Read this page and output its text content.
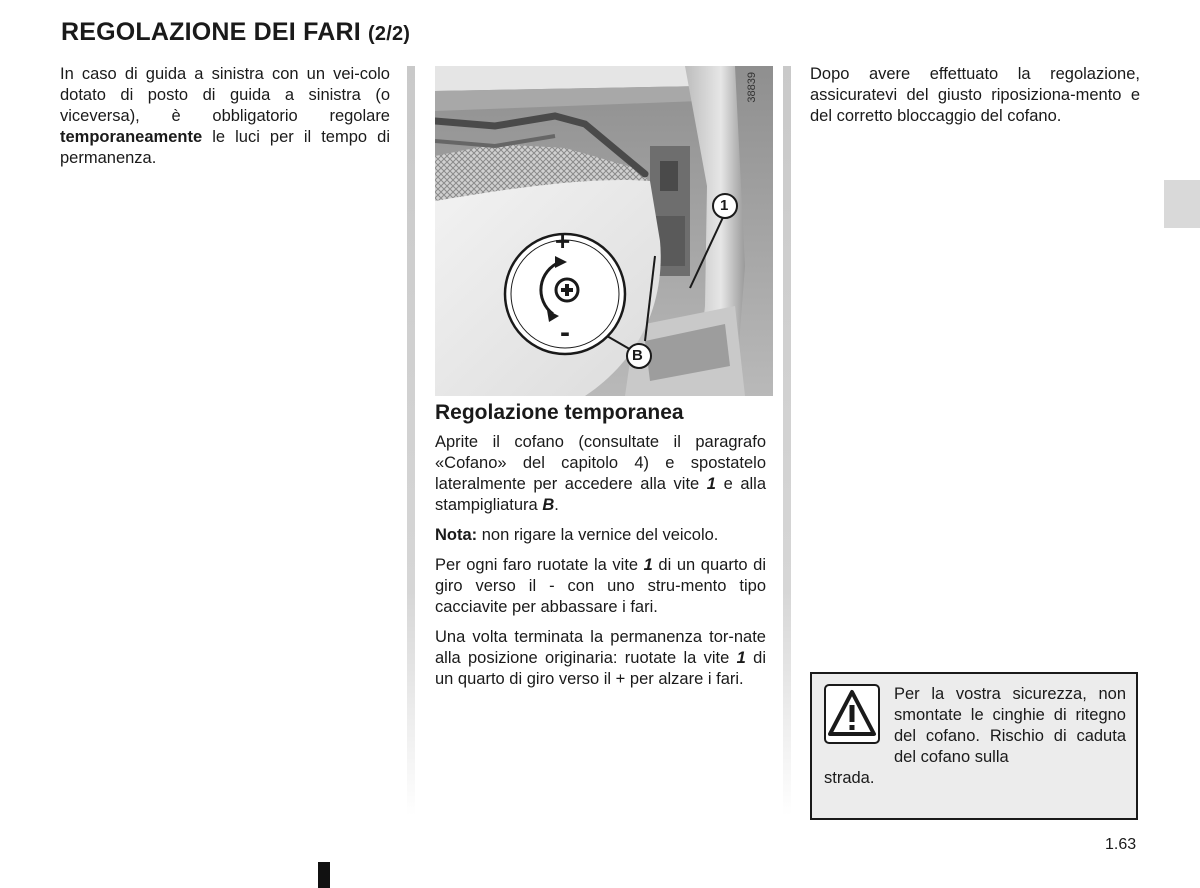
REGOLAZIONE DEI FARI (2/2)
In caso di guida a sinistra con un vei-colo dotato di posto di guida a sinistra (o viceversa), è obbligatorio regolare temporaneamente le luci per il tempo di permanenza.
+
-
1
B
38839
Regolazione temporanea

Aprite il cofano (consultate il paragrafo «Cofano» del capitolo 4) e spostatelo lateralmente per accedere alla vite 1 e alla stampigliatura B.

Nota: non rigare la vernice del veicolo.

Per ogni faro ruotate la vite 1 di un quarto di giro verso il - con uno stru-mento tipo cacciavite per abbassare i fari.

Una volta terminata la permanenza tor-nate alla posizione originaria: ruotate la vite 1 di un quarto di giro verso il + per alzare i fari.

Dopo avere effettuato la regolazione, assicuratevi del giusto riposiziona-mento e del corretto bloccaggio del cofano.
Per la vostra sicurezza, non smontate le cinghie di ritegno del cofano. Rischio di caduta del cofano sulla
strada.
1.63
